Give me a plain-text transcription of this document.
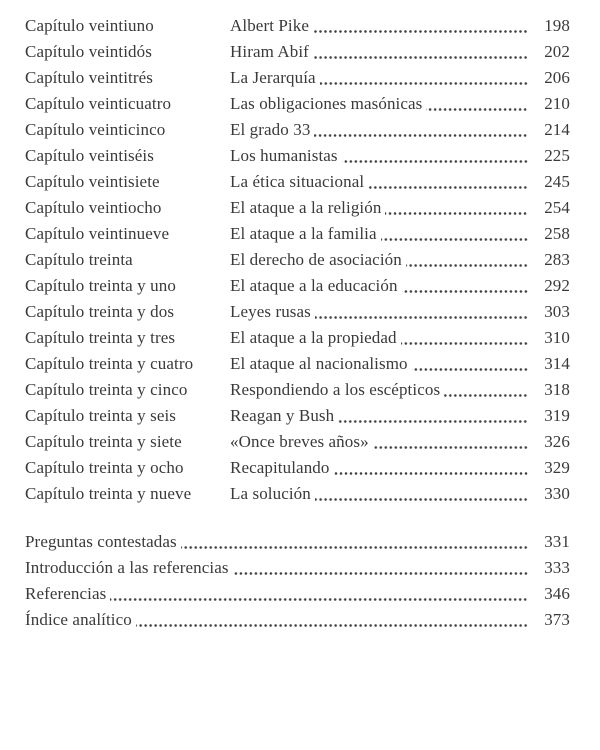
Capítulo veintiuno	Albert Pike	198
Capítulo veintidós	Hiram Abif	202
Capítulo veintitrés	La Jerarquía	206
Capítulo veinticuatro	Las obligaciones masónicas	210
Capítulo veinticinco	El grado 33	214
Capítulo veintiséis	Los humanistas	225
Capítulo veintisiete	La ética situacional	245
Capítulo veintiocho	El ataque a la religión	254
Capítulo veintinueve	El ataque a la familia	258
Capítulo treinta	El derecho de asociación	283
Capítulo treinta y uno	El ataque a la educación	292
Capítulo treinta y dos	Leyes rusas	303
Capítulo treinta y tres	El ataque a la propiedad	310
Capítulo treinta y cuatro	El ataque al nacionalismo	314
Capítulo treinta y cinco	Respondiendo a los escépticos	318
Capítulo treinta y seis	Reagan y Bush	319
Capítulo treinta y siete	«Once breves años»	326
Capítulo treinta y ocho	Recapitulando	329
Capítulo treinta y nueve	La solución	330
Preguntas contestadas	331
Introducción a las referencias	333
Referencias	346
Índice analítico	373
